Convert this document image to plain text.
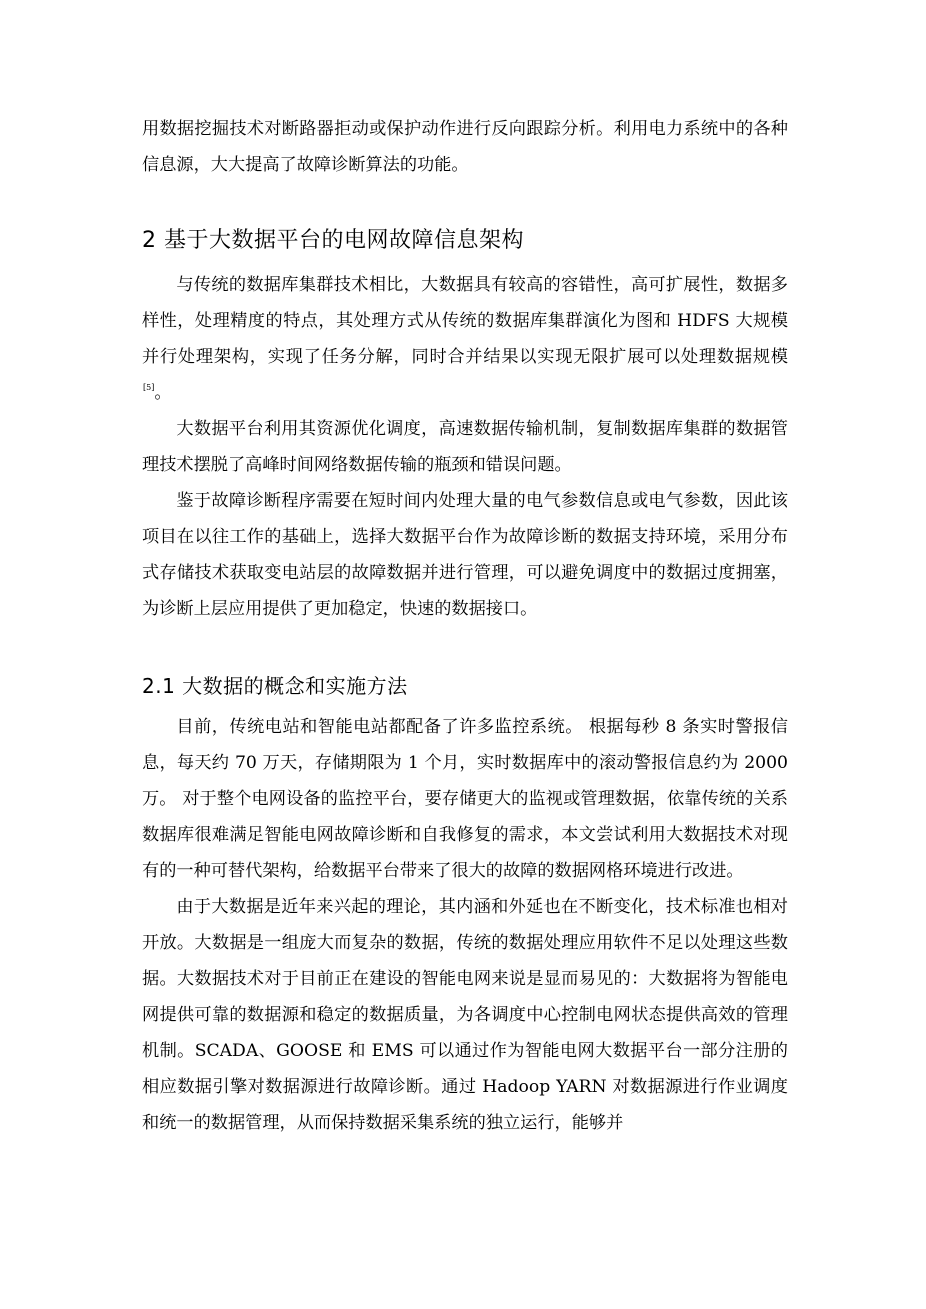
用数据挖掘技术对断路器拒动或保护动作进行反向跟踪分析。利用电力系统中的各种信息源，大大提高了故障诊断算法的功能。

2 基于大数据平台的电网故障信息架构

与传统的数据库集群技术相比，大数据具有较高的容错性，高可扩展性，数据多样性，处理精度的特点，其处理方式从传统的数据库集群演化为图和 HDFS 大规模并行处理架构，实现了任务分解，同时合并结果以实现无限扩展可以处理数据规模[5]。

大数据平台利用其资源优化调度，高速数据传输机制，复制数据库集群的数据管理技术摆脱了高峰时间网络数据传输的瓶颈和错误问题。

鉴于故障诊断程序需要在短时间内处理大量的电气参数信息或电气参数，因此该项目在以往工作的基础上，选择大数据平台作为故障诊断的数据支持环境，采用分布式存储技术获取变电站层的故障数据并进行管理，可以避免调度中的数据过度拥塞，为诊断上层应用提供了更加稳定，快速的数据接口。

2.1 大数据的概念和实施方法

目前，传统电站和智能电站都配备了许多监控系统。 根据每秒 8 条实时警报信息，每天约 70 万天，存储期限为 1 个月，实时数据库中的滚动警报信息约为 2000 万。 对于整个电网设备的监控平台，要存储更大的监视或管理数据，依靠传统的关系数据库很难满足智能电网故障诊断和自我修复的需求，本文尝试利用大数据技术对现有的一种可替代架构，给数据平台带来了很大的故障的数据网格环境进行改进。

由于大数据是近年来兴起的理论，其内涵和外延也在不断变化，技术标准也相对开放。大数据是一组庞大而复杂的数据，传统的数据处理应用软件不足以处理这些数据。大数据技术对于目前正在建设的智能电网来说是显而易见的：大数据将为智能电网提供可靠的数据源和稳定的数据质量，为各调度中心控制电网状态提供高效的管理机制。SCADA、GOOSE 和 EMS 可以通过作为智能电网大数据平台一部分注册的相应数据引擎对数据源进行故障诊断。通过 Hadoop YARN 对数据源进行作业调度和统一的数据管理，从而保持数据采集系统的独立运行，能够并
